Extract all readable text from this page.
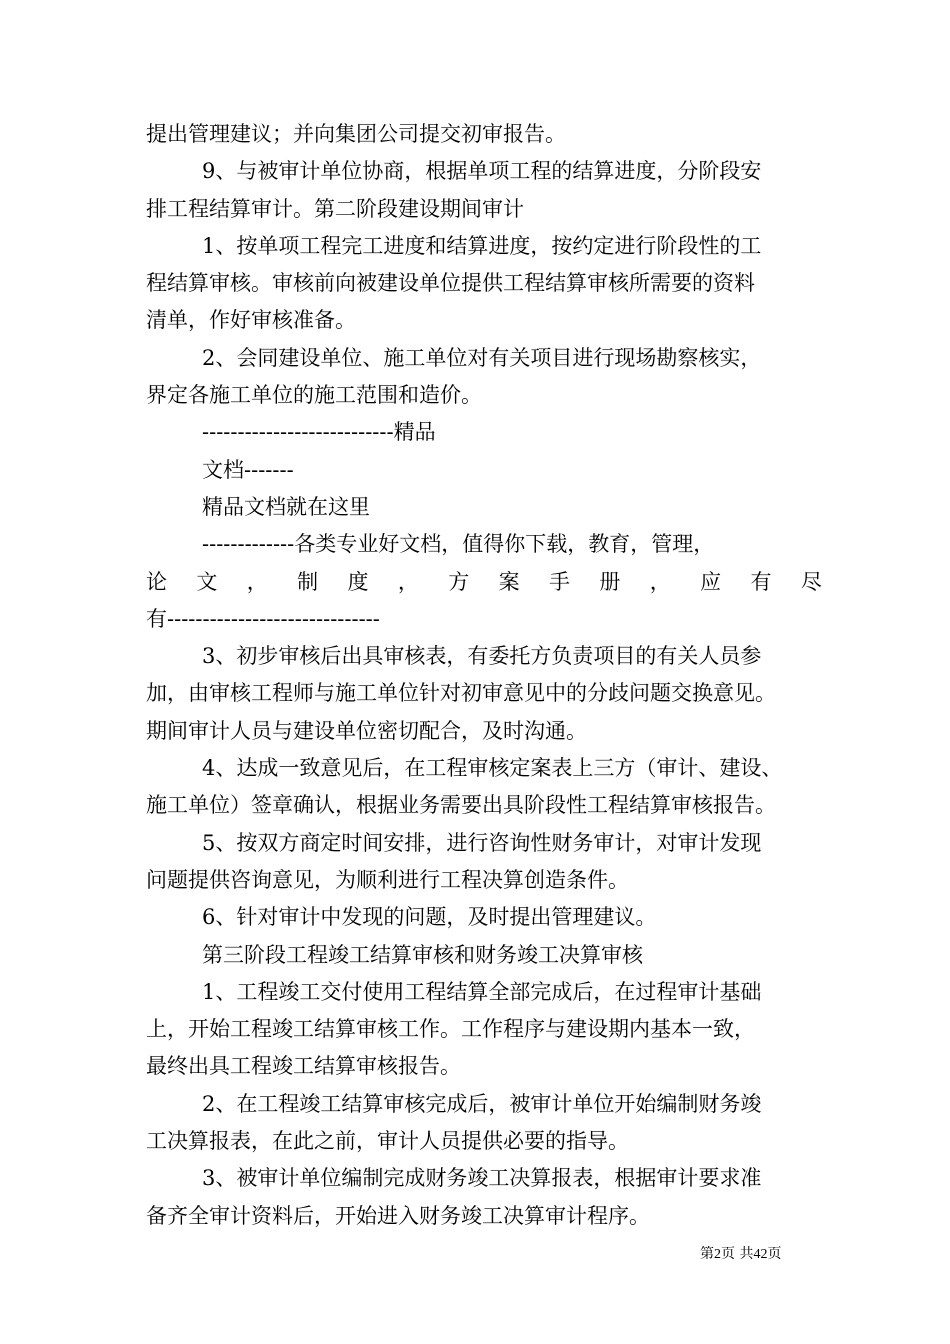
提出管理建议；并向集团公司提交初审报告。
9、与被审计单位协商，根据单项工程的结算进度，分阶段安
排工程结算审计。第二阶段建设期间审计
1、按单项工程完工进度和结算进度，按约定进行阶段性的工
程结算审核。审核前向被建设单位提供工程结算审核所需要的资料
清单，作好审核准备。
2、会同建设单位、施工单位对有关项目进行现场勘察核实，
界定各施工单位的施工范围和造价。
---------------------------精品
文档-------
精品文档就在这里
-------------各类专业好文档，值得你下载，教育，管理，
论 文 ， 制 度 ， 方 案 手 册 ， 应 有 尽
有------------------------------
3、初步审核后出具审核表，有委托方负责项目的有关人员参
加，由审核工程师与施工单位针对初审意见中的分歧问题交换意见。
期间审计人员与建设单位密切配合，及时沟通。
4、达成一致意见后，在工程审核定案表上三方（审计、建设、
施工单位）签章确认，根据业务需要出具阶段性工程结算审核报告。
5、按双方商定时间安排，进行咨询性财务审计，对审计发现
问题提供咨询意见，为顺利进行工程决算创造条件。
6、针对审计中发现的问题，及时提出管理建议。
第三阶段工程竣工结算审核和财务竣工决算审核
1、工程竣工交付使用工程结算全部完成后，在过程审计基础
上，开始工程竣工结算审核工作。工作程序与建设期内基本一致，
最终出具工程竣工结算审核报告。
2、在工程竣工结算审核完成后，被审计单位开始编制财务竣
工决算报表，在此之前，审计人员提供必要的指导。
3、被审计单位编制完成财务竣工决算报表，根据审计要求准
备齐全审计资料后，开始进入财务竣工决算审计程序。
第2页 共42页
